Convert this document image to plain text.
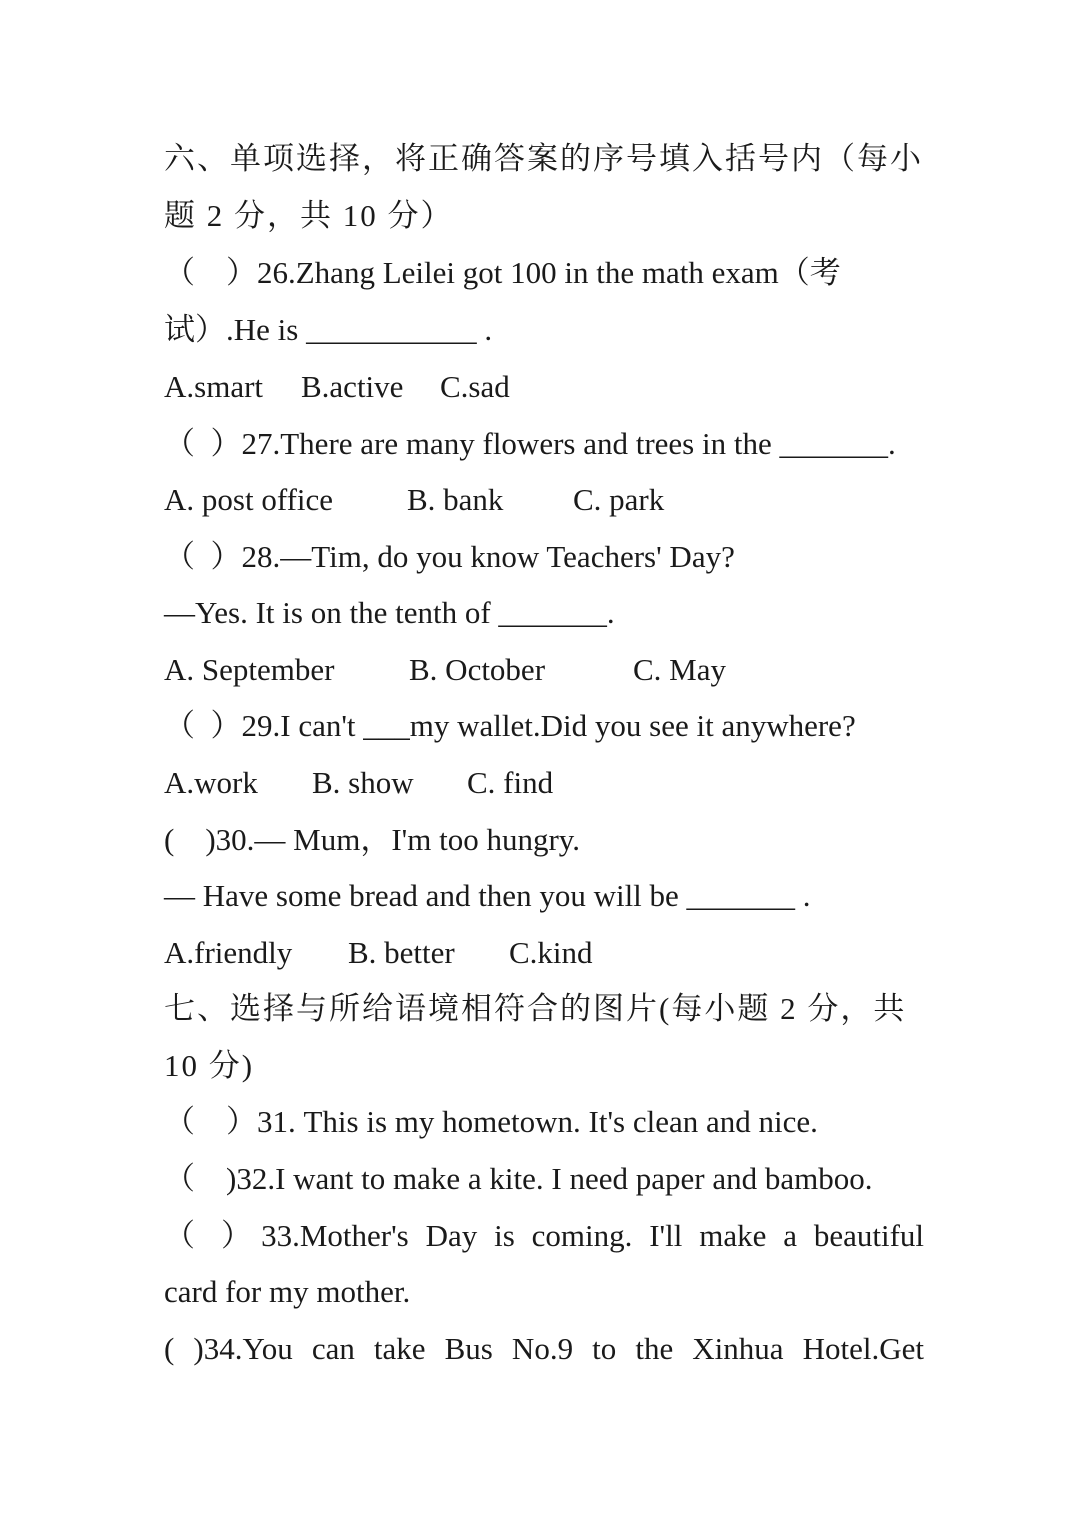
六、单项选择，将正确答案的序号填入括号内（每小
题 2 分，共 10 分）
（    ）26.Zhang Leilei got 100 in the math exam（考
试）.He is ___________ .
A.smart	B.active	C.sad
（  ）27.There are many flowers and trees in the _______.
A. post office	B. bank	C. park
（  ）28.—Tim, do you know Teachers' Day?
—Yes. It is on the tenth of _______.
A. September	B. October	C. May
（  ）29.I can't ___my wallet.Did you see it anywhere?
A.work	B. show	C. find
(    )30.— Mum，I'm too hungry.
— Have some bread and then you will be _______ .
A.friendly	B. better	C.kind
七、选择与所给语境相符合的图片(每小题 2 分，共
10 分)
（    ）31. This is my hometown. It's clean and nice.
（    )32.I want to make a kite. I need paper and bamboo.
（ ）33.Mother's Day is coming. I'll make a beautiful
card for my mother.
( )34.You can take Bus No.9 to the Xinhua Hotel.Get
